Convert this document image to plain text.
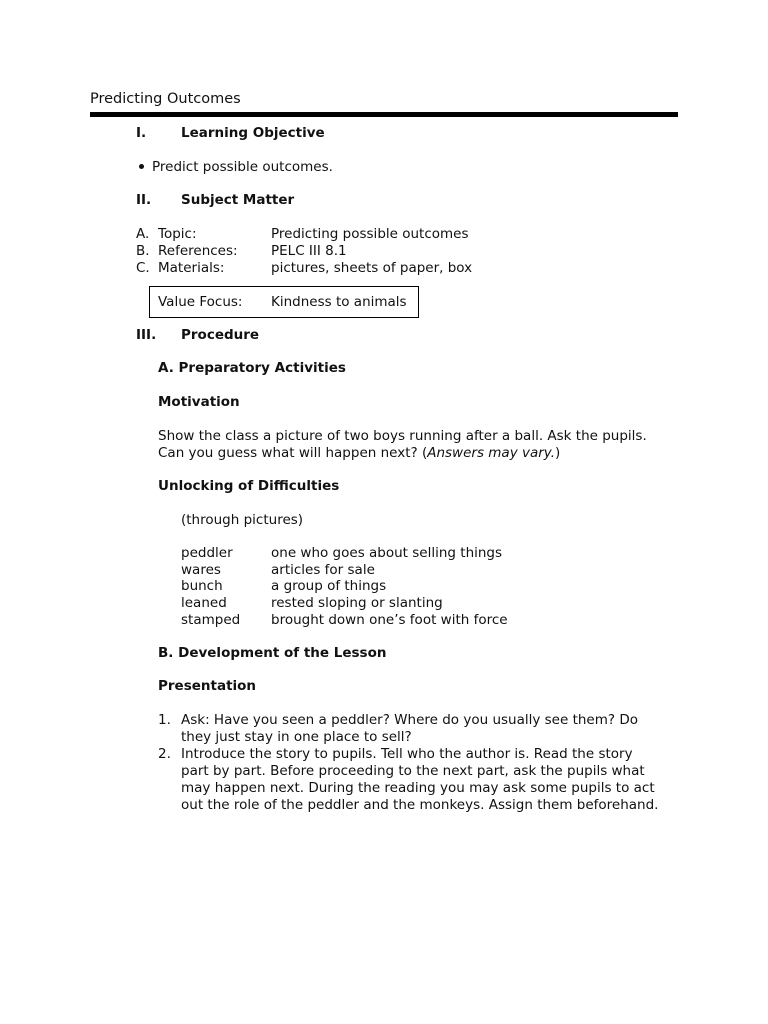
Predicting Outcomes
I.	Learning Objective
Predict possible outcomes.
II. Subject Matter
A. Topic:	Predicting possible outcomes
B. References: PELC III 8.1
C. Materials:	pictures, sheets of paper, box
Value Focus: Kindness to animals
III. Procedure
A. Preparatory Activities
Motivation
Show the class a picture of two boys running after a ball. Ask the pupils.
Can you guess what will happen next? (Answers may vary.)
Unlocking of Difficulties
(through pictures)
peddler	one who goes about selling things
wares	articles for sale
bunch	a group of things
leaned	rested sloping or slanting
stamped brought down one’s foot with force
B. Development of the Lesson
Presentation
1. Ask: Have you seen a peddler? Where do you usually see them? Do
they just stay in one place to sell?
2. Introduce the story to pupils. Tell who the author is. Read the story
part by part. Before proceeding to the next part, ask the pupils what
may happen next. During the reading you may ask some pupils to act
out the role of the peddler and the monkeys. Assign them beforehand.
